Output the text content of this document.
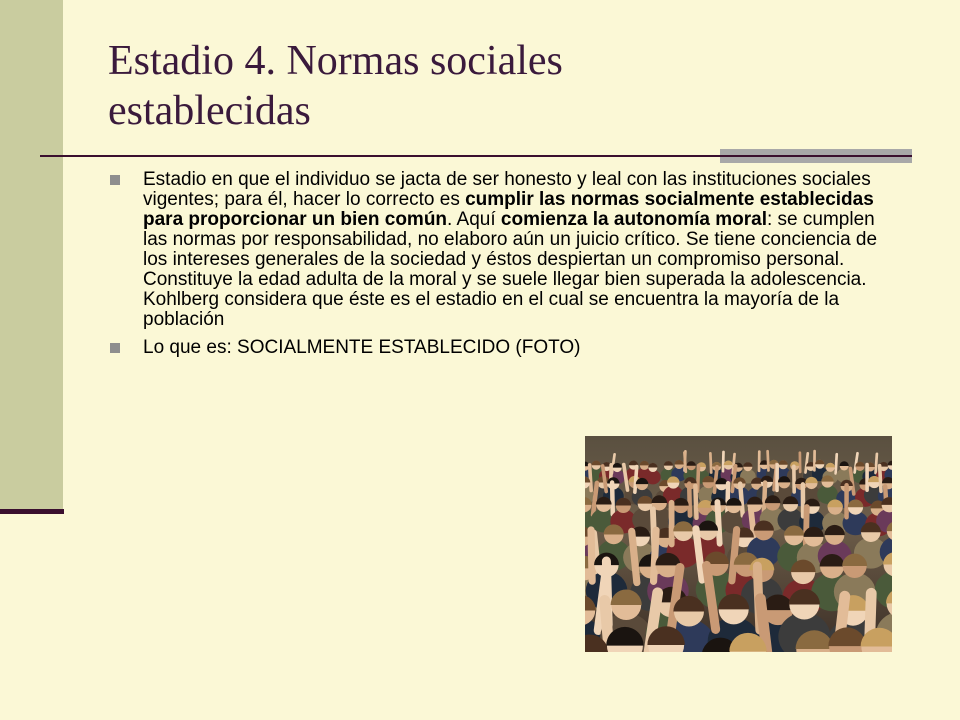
Estadio 4. Normas sociales
establecidas
Estadio en que el individuo se jacta de ser honesto y leal con las instituciones sociales vigentes; para él, hacer lo correcto es cumplir las normas socialmente establecidas para proporcionar un bien común. Aquí comienza la autonomía moral: se cumplen las normas por responsabilidad, no elaboro aún un juicio crítico. Se tiene conciencia de los intereses generales de la sociedad y éstos despiertan un compromiso personal. Constituye la edad adulta de la moral y se suele llegar bien superada la adolescencia. Kohlberg considera que éste es el estadio en el cual se encuentra la mayoría de la población
Lo que es: SOCIALMENTE ESTABLECIDO (FOTO)
